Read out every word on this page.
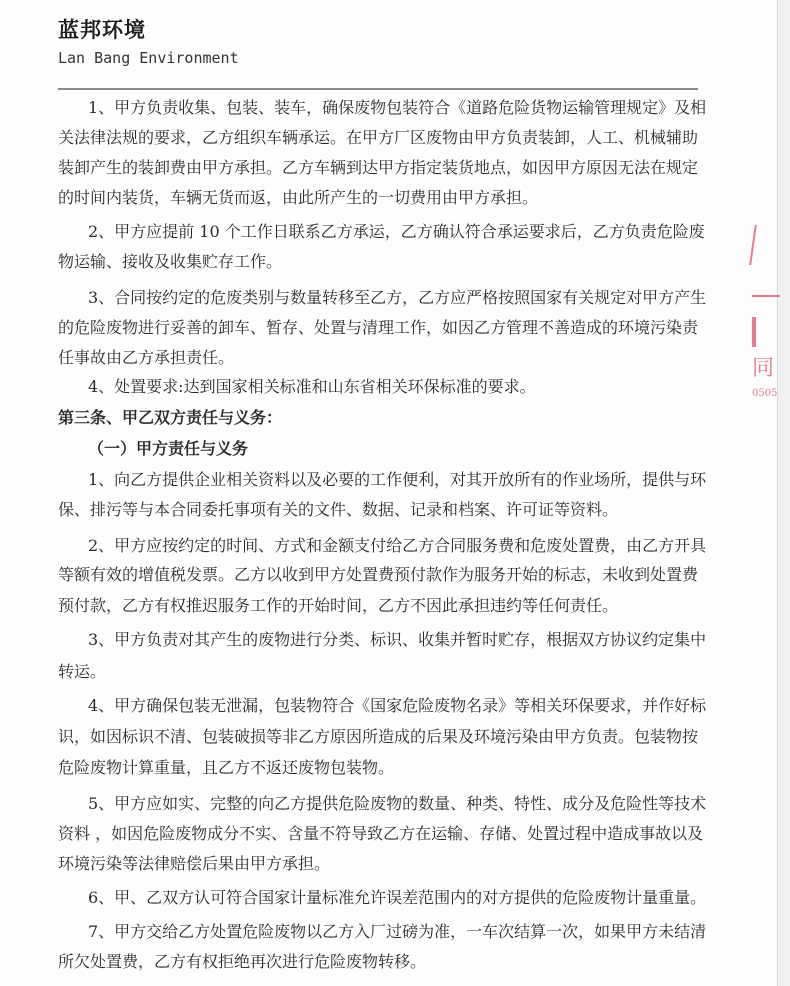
蓝邦环境
Lan Bang Environment
同
0505
1、甲方负责收集、包装、装车，确保废物包装符合《道路危险货物运输管理规定》及相
关法律法规的要求，乙方组织车辆承运。在甲方厂区废物由甲方负责装卸，人工、机械辅助
装卸产生的装卸费由甲方承担。乙方车辆到达甲方指定装货地点，如因甲方原因无法在规定
的时间内装货，车辆无货而返，由此所产生的一切费用由甲方承担。
2、甲方应提前 10 个工作日联系乙方承运，乙方确认符合承运要求后，乙方负责危险废
物运输、接收及收集贮存工作。
3、合同按约定的危废类别与数量转移至乙方，乙方应严格按照国家有关规定对甲方产生
的危险废物进行妥善的卸车、暂存、处置与清理工作，如因乙方管理不善造成的环境污染责
任事故由乙方承担责任。
4、处置要求:达到国家相关标准和山东省相关环保标准的要求。
第三条、甲乙双方责任与义务：
（一）甲方责任与义务
1、向乙方提供企业相关资料以及必要的工作便利，对其开放所有的作业场所，提供与环
保、排污等与本合同委托事项有关的文件、数据、记录和档案、许可证等资料。
2、甲方应按约定的时间、方式和金额支付给乙方合同服务费和危废处置费，由乙方开具
等额有效的增值税发票。乙方以收到甲方处置费预付款作为服务开始的标志，未收到处置费
预付款，乙方有权推迟服务工作的开始时间，乙方不因此承担违约等任何责任。
3、甲方负责对其产生的废物进行分类、标识、收集并暂时贮存，根据双方协议约定集中
转运。
4、甲方确保包装无泄漏，包装物符合《国家危险废物名录》等相关环保要求，并作好标
识，如因标识不清、包装破损等非乙方原因所造成的后果及环境污染由甲方负责。包装物按
危险废物计算重量，且乙方不返还废物包装物。
5、甲方应如实、完整的向乙方提供危险废物的数量、种类、特性、成分及危险性等技术
资料 ，如因危险废物成分不实、含量不符导致乙方在运输、存储、处置过程中造成事故以及
环境污染等法律赔偿后果由甲方承担。
6、甲、乙双方认可符合国家计量标准允许误差范围内的对方提供的危险废物计量重量。
7、甲方交给乙方处置危险废物以乙方入厂过磅为准，一车次结算一次，如果甲方未结清
所欠处置费，乙方有权拒绝再次进行危险废物转移。
